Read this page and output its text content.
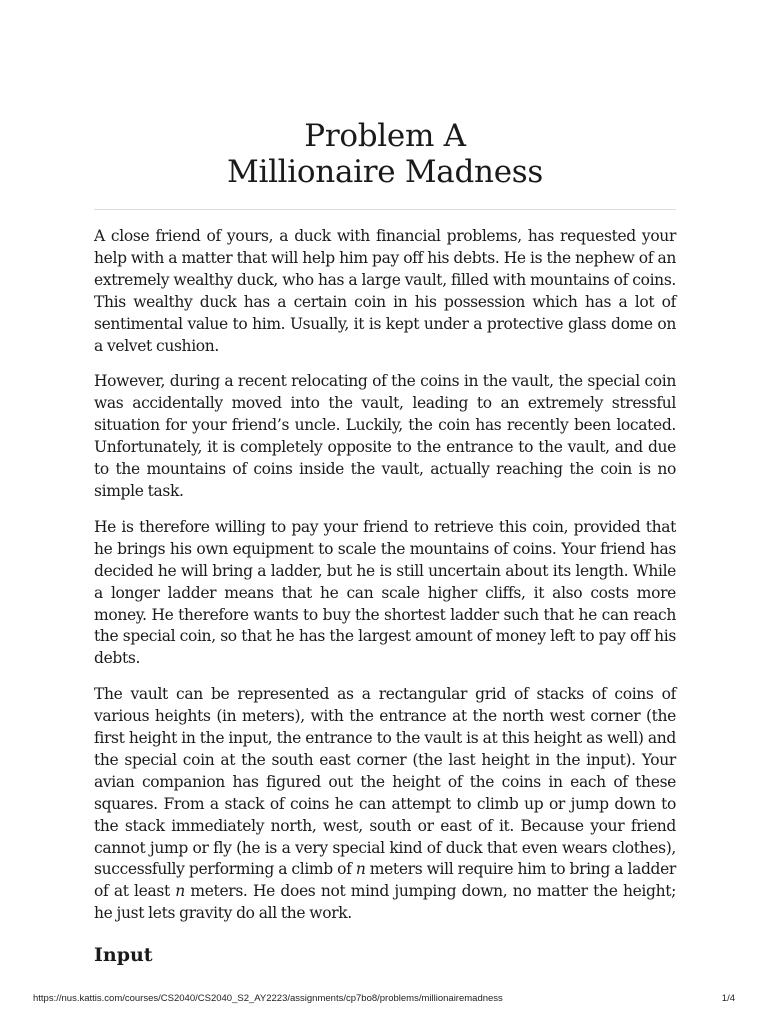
Problem A
Millionaire Madness

A close friend of yours, a duck with financial problems, has requested your help with a matter that will help him pay off his debts. He is the nephew of an extremely wealthy duck, who has a large vault, filled with mountains of coins. This wealthy duck has a certain coin in his possession which has a lot of sentimental value to him. Usually, it is kept under a protective glass dome on a velvet cushion.

However, during a recent relocating of the coins in the vault, the special coin was accidentally moved into the vault, leading to an extremely stressful situation for your friend’s uncle. Luckily, the coin has recently been located. Unfortunately, it is completely opposite to the entrance to the vault, and due to the mountains of coins inside the vault, actually reaching the coin is no simple task.

He is therefore willing to pay your friend to retrieve this coin, provided that he brings his own equipment to scale the mountains of coins. Your friend has decided he will bring a ladder, but he is still uncertain about its length. While a longer ladder means that he can scale higher cliffs, it also costs more money. He therefore wants to buy the shortest ladder such that he can reach the special coin, so that he has the largest amount of money left to pay off his debts.

The vault can be represented as a rectangular grid of stacks of coins of various heights (in meters), with the entrance at the north west corner (the first height in the input, the entrance to the vault is at this height as well) and the special coin at the south east corner (the last height in the input). Your avian companion has figured out the height of the coins in each of these squares. From a stack of coins he can attempt to climb up or jump down to the stack immediately north, west, south or east of it. Because your friend cannot jump or fly (he is a very special kind of duck that even wears clothes), successfully performing a climb of n meters will require him to bring a ladder of at least n meters. He does not mind jumping down, no matter the height; he just lets gravity do all the work.

Input
https://nus.kattis.com/courses/CS2040/CS2040_S2_AY2223/assignments/cp7bo8/problems/millionairemadness	1/4
